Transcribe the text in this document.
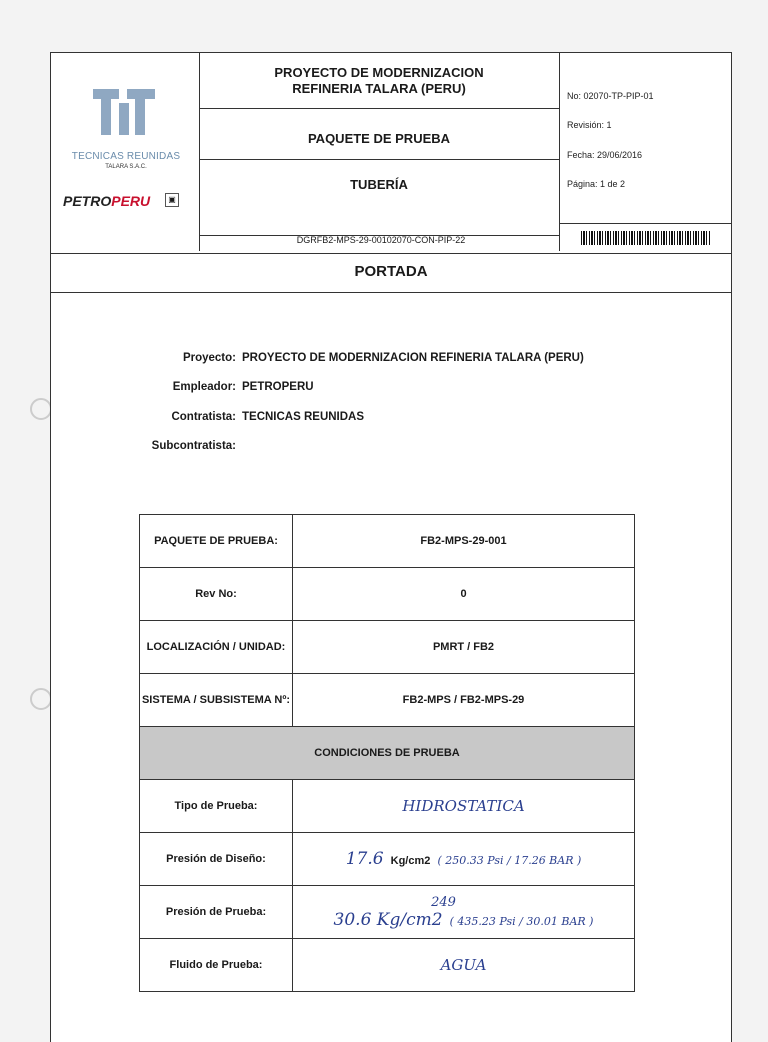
TECNICAS REUNIDAS
TALARA S.A.C.
PETROPERU	▣
PROYECTO DE MODERNIZACION
REFINERIA TALARA (PERU)
PAQUETE DE PRUEBA
TUBERÍA
DGRFB2-MPS-29-00102070-CON-PIP-22
No: 02070-TP-PIP-01
Revisión: 1
Fecha: 29/06/2016
Página: 1 de 2
PORTADA
Proyecto: PROYECTO DE MODERNIZACION REFINERIA TALARA (PERU)
Empleador: PETROPERU
Contratista: TECNICAS REUNIDAS
Subcontratista:
PAQUETE DE PRUEBA:	FB2-MPS-29-001
Rev No:	0
LOCALIZACIÓN / UNIDAD:	PMRT / FB2
SISTEMA / SUBSISTEMA Nº:	FB2-MPS / FB2-MPS-29
CONDICIONES DE PRUEBA	
Tipo de Prueba:	HIDROSTATICA
Presión de Diseño:	17.6 Kg/cm2 ( 250.33 Psi / 17.26 BAR )
Presión de Prueba:	249
30.6 Kg/cm2 ( 435.23 Psi / 30.01 BAR )
Fluido de Prueba:	AGUA
